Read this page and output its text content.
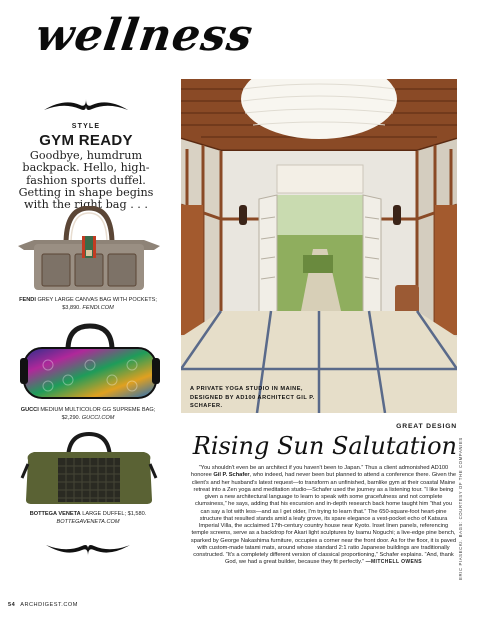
wellness
STYLE
GYM READY
Goodbye, humdrum backpack. Hello, high-fashion sports duffel. Getting in shape begins with the right bag . . .
FENDI GREY LARGE CANVAS BAG WITH POCKETS; $3,890. FENDI.COM
GUCCI MEDIUM MULTICOLOR GG SUPREME BAG; $2,290. GUCCI.COM
BOTTEGA VENETA LARGE DUFFEL; $1,580. BOTTEGAVENETA.COM
A PRIVATE YOGA STUDIO IN MAINE, DESIGNED BY AD100 ARCHITECT GIL P. SCHAFER.
GREAT DESIGN
Rising Sun Salutation
“You shouldn't even be an architect if you haven't been to Japan.” Thus a client admonished AD100 honoree Gil P. Schafer, who indeed, had never been but planned to attend a conference there. Given the client's and her husband's latest request—to transform an unfinished, barnlike gym at their coastal Maine retreat into a Zen yoga and meditation studio—Schafer used the journey as a listening tour. “I like being given a new architectural language to learn to speak with some gracefulness and not complete clumsiness,” he says, adding that his excursion and in-depth research back home taught him “that you can say a lot with less—and as I get older, I'm trying to learn that.” The 650-square-foot heart-pine structure that resulted stands amid a leafy grove, its spare elegance a vest-pocket echo of Katsura Imperial Villa, the acclaimed 17th-century country house near Kyoto. Inset linen panels, referencing temple screens, serve as a backdrop for Akari light sculptures by Isamu Noguchi; a live-edge pine bench, sparked by George Nakashima furniture, occupies a corner near the front door. As for the floor, it is paved with custom-made tatami mats, around whose standard 2:1 ratio Japanese buildings are traditionally constructed. “It's a completely different version of classical proportioning,” Schafer explains. “And, thank God, we had a great builder, because they fit perfectly.” —MITCHELL OWENS	ERIC PIASECKI. BAGS: COURTESY OF THE COMPANIES
54 ARCHDIGEST.COM
